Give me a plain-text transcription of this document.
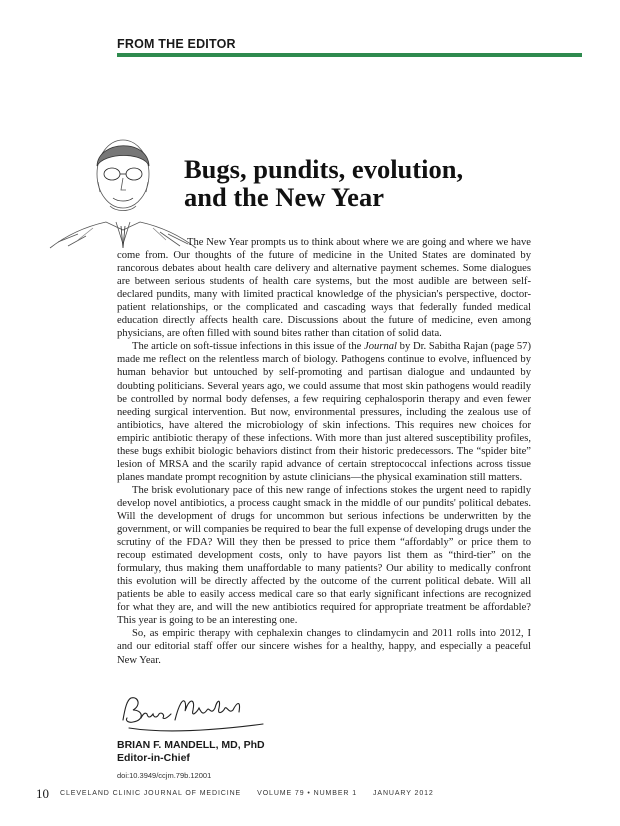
FROM THE EDITOR
Bugs, pundits, evolution,
and the New Year

The New Year prompts us to think about where we are going and where we have come from. Our thoughts of the future of medicine in the United States are dominated by rancorous debates about health care delivery and alternative payment schemes. Some dialogues are between serious students of health care systems, but the most audible are between self-declared pundits, many with limited practical knowledge of the physician's perspective, doctor-patient relationships, or the complicated and cascading ways that federally funded medical education directly affects health care. Discussions about the future of medicine, even among physicians, are often filled with sound bites rather than citation of solid data.

The article on soft-tissue infections in this issue of the Journal by Dr. Sabitha Rajan (page 57) made me reflect on the relentless march of biology. Pathogens continue to evolve, influenced by human behavior but untouched by self-promoting and partisan dialogue and undaunted by doubting politicians. Several years ago, we could assume that most skin pathogens would readily be controlled by normal body defenses, a few requiring cephalosporin therapy and even fewer needing surgical intervention. But now, environmental pressures, including the zealous use of antibiotics, have altered the microbiology of skin infections. This requires new choices for empiric antibiotic therapy of these infections. With more than just altered susceptibility profiles, these bugs exhibit biologic behaviors distinct from their historic predecessors. The “spider bite” lesion of MRSA and the scarily rapid advance of certain streptococcal infections across tissue planes mandate prompt recognition by astute clinicians—the physical examination still matters.

The brisk evolutionary pace of this new range of infections stokes the urgent need to rapidly develop novel antibiotics, a process caught smack in the middle of our pundits' political debates. Will the development of drugs for uncommon but serious infections be underwritten by the government, or will companies be required to bear the full expense of developing drugs under the scrutiny of the FDA? Will they then be pressed to price them “affordably” or price them to recoup estimated development costs, only to have payors list them as “third-tier” on the formulary, thus making them unaffordable to many patients? Our ability to medically confront this evolution will be directly affected by the outcome of the current political debate. Will all patients be able to easily access medical care so that early significant infections are recognized for what they are, and will the new antibiotics required for appropriate treatment be affordable? This year is going to be an interesting one.

So, as empiric therapy with cephalexin changes to clindamycin and 2011 rolls into 2012, I and our editorial staff offer our sincere wishes for a healthy, happy, and especially a peaceful New Year.

BRIAN F. MANDELL, MD, PhD
Editor-in-Chief
doi:10.3949/ccjm.79b.12001
10 CLEVELAND CLINIC JOURNAL OF MEDICINE VOLUME 79 • NUMBER 1 JANUARY 2012
